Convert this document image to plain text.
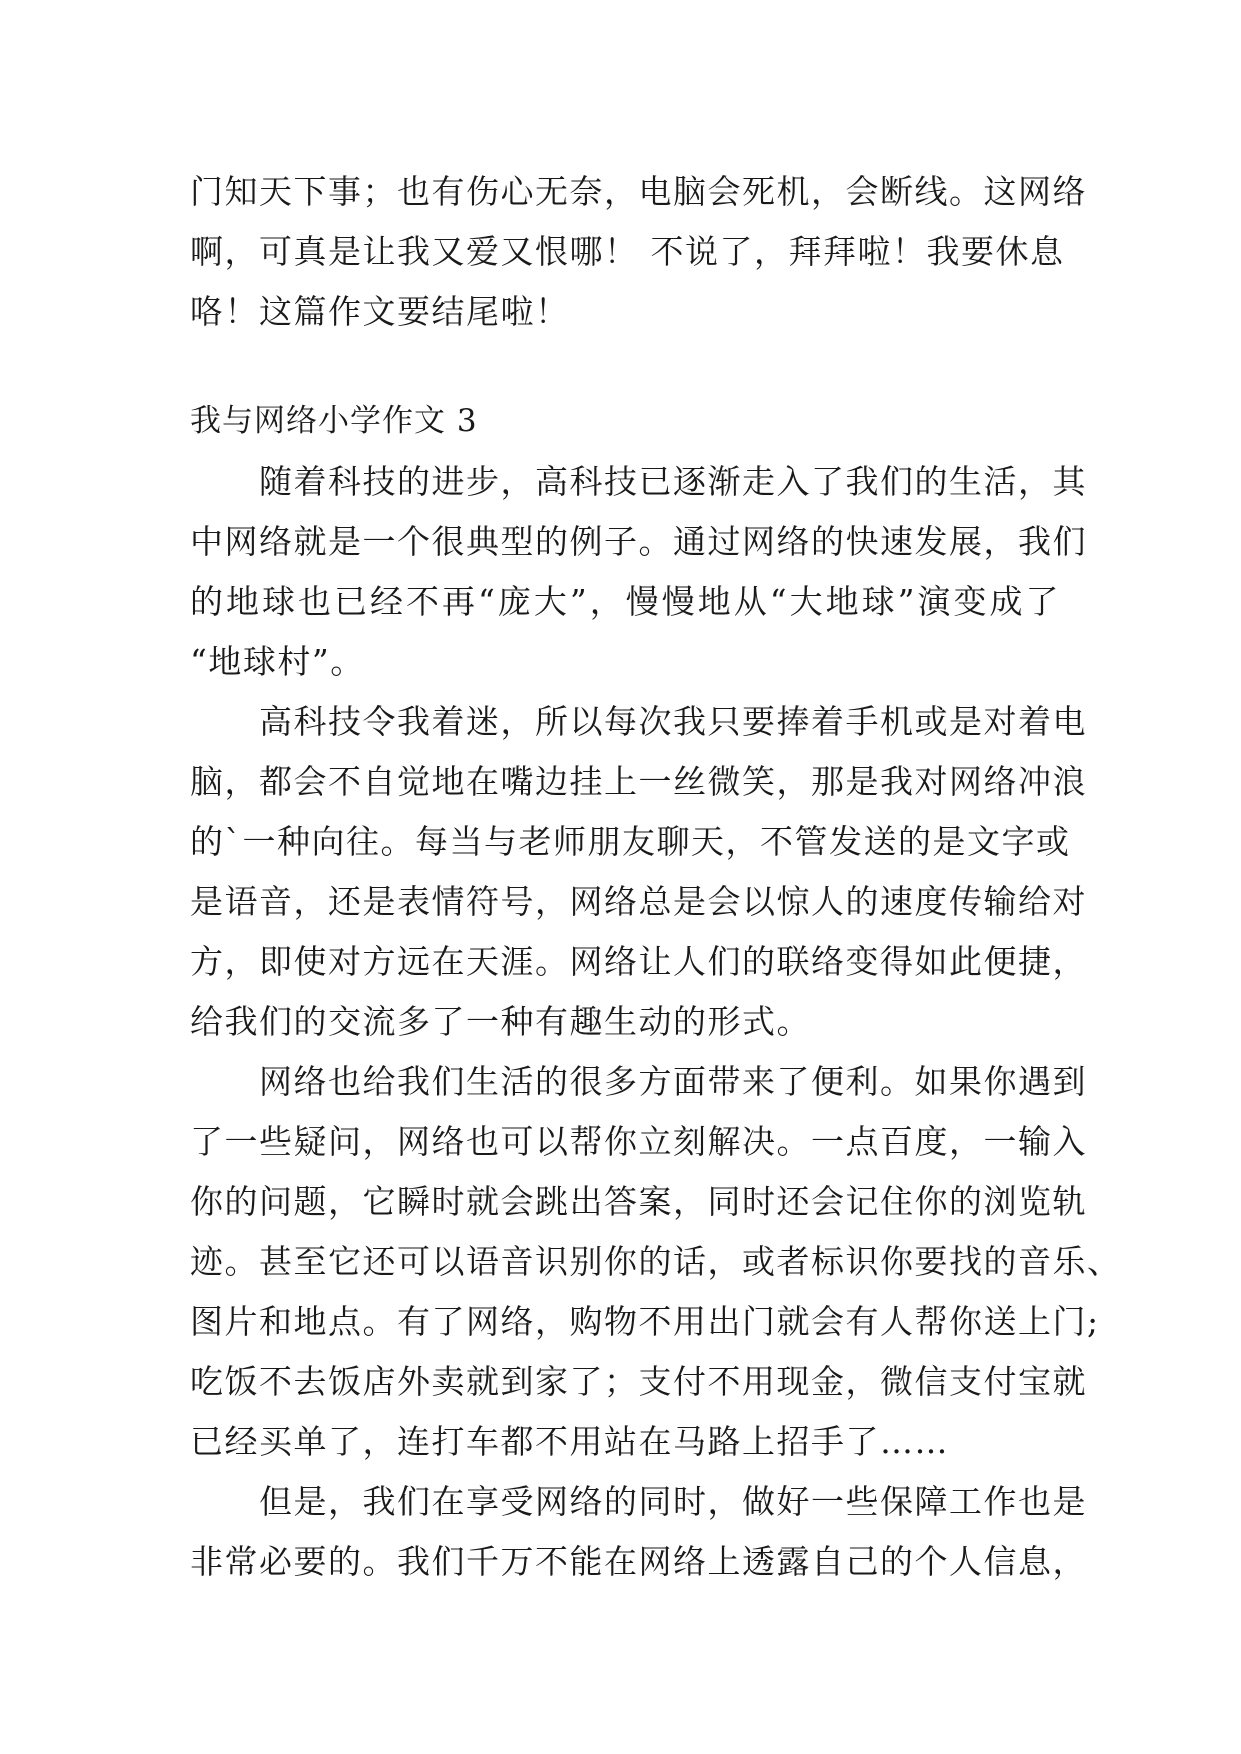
门知天下事；也有伤心无奈，电脑会死机，会断线。这网络
啊，可真是让我又爱又恨哪！ 不说了，拜拜啦！我要休息
咯！这篇作文要结尾啦！
我与网络小学作文 3
　　随着科技的进步，高科技已逐渐走入了我们的生活，其
中网络就是一个很典型的例子。通过网络的快速发展，我们
的地球也已经不再“庞大”，慢慢地从“大地球”演变成了
“地球村”。
　　高科技令我着迷，所以每次我只要捧着手机或是对着电
脑，都会不自觉地在嘴边挂上一丝微笑，那是我对网络冲浪
的`一种向往。每当与老师朋友聊天，不管发送的是文字或
是语音，还是表情符号，网络总是会以惊人的速度传输给对
方，即使对方远在天涯。网络让人们的联络变得如此便捷，
给我们的交流多了一种有趣生动的形式。
　　网络也给我们生活的很多方面带来了便利。如果你遇到
了一些疑问，网络也可以帮你立刻解决。一点百度，一输入
你的问题，它瞬时就会跳出答案，同时还会记住你的浏览轨
迹。甚至它还可以语音识别你的话，或者标识你要找的音乐、
图片和地点。有了网络，购物不用出门就会有人帮你送上门;
吃饭不去饭店外卖就到家了；支付不用现金，微信支付宝就
已经买单了，连打车都不用站在马路上招手了……
　　但是，我们在享受网络的同时，做好一些保障工作也是
非常必要的。我们千万不能在网络上透露自己的个人信息，
